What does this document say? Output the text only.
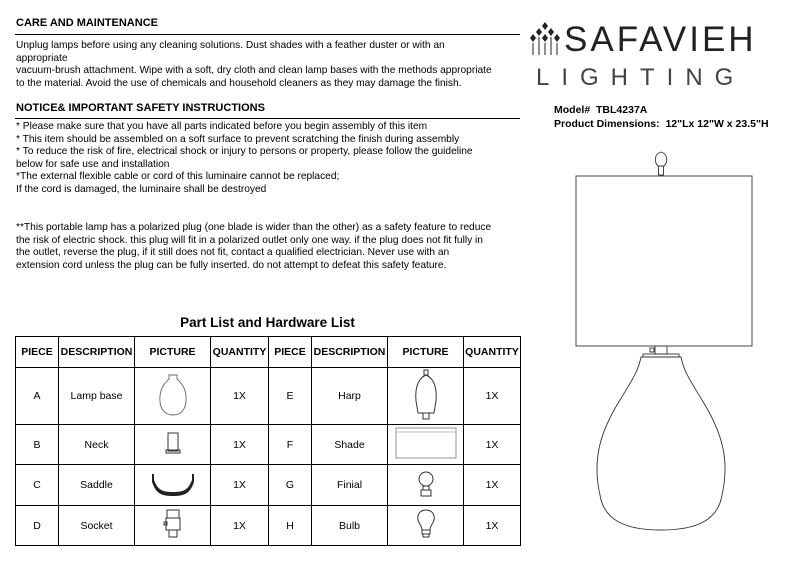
CARE AND MAINTENANCE
Unplug lamps before using any cleaning solutions. Dust shades with a feather duster or with an
appropriate
vacuum-brush attachment. Wipe with a soft, dry cloth and clean lamp bases with the methods appropriate
to the material. Avoid the use of chemicals and household cleaners as they may damage the finish.
NOTICE& IMPORTANT SAFETY INSTRUCTIONS
* Please make sure that you have all parts indicated before you begin assembly of this item
* This item should be assembled on a soft surface to prevent scratching the finish during assembly
* To reduce the risk of fire, electrical shock or injury to persons or property, please follow the guideline
below for safe use and installation
*The external flexible cable or cord of this luminaire cannot be replaced;
If the cord is damaged, the luminaire shall be destroyed
**This portable lamp has a polarized plug (one blade is wider than the other) as a safety feature to reduce
the risk of electric shock. this plug will fit in a polarized outlet only one way. if the plug does not fit fully in
the outlet, reverse the plug, if it still does not fit, contact a qualified electrician. Never use with an
extension cord unless the plug can be fully inserted. do not attempt to defeat this safety feature.
SAFAVIEH
LIGHTING
Model# TBL4237A
Product Dimensions: 12"Lx 12"W x 23.5"H
Part List and Hardware List
PIECE	DESCRIPTION	PICTURE	QUANTITY	PIECE	DESCRIPTION	PICTURE	QUANTITY
A	Lamp base		1X	E	Harp		1X
B	Neck		1X	F	Shade		1X
C	Saddle		1X	G	Finial		1X
D	Socket		1X	H	Bulb		1X
